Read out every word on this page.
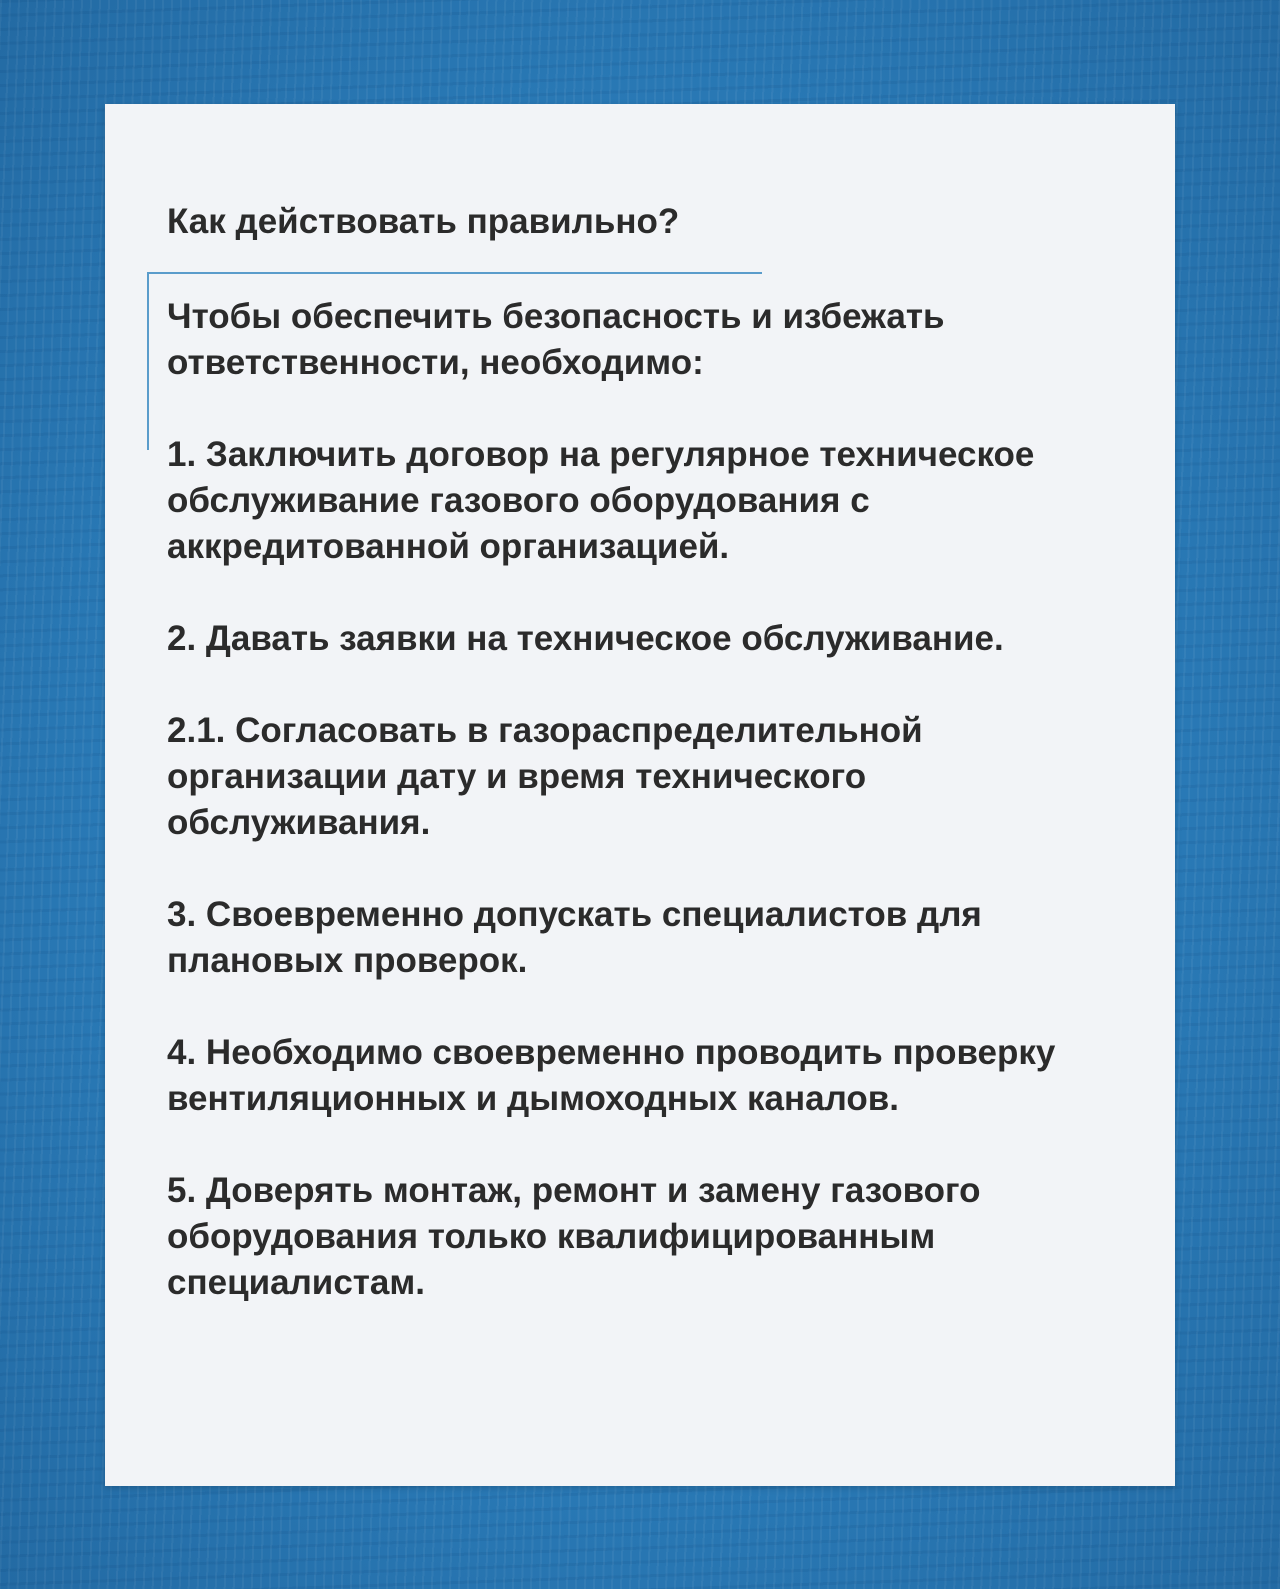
Как действовать правильно?

Чтобы обеспечить безопасность и избежать ответственности, необходимо:

1. Заключить договор на регулярное техническое обслуживание газового оборудования с аккредитованной организацией.

2. Давать заявки на техническое обслуживание.

2.1. Согласовать в газораспределительной организации дату и время технического обслуживания.

3. Своевременно допускать специалистов для плановых проверок.

4. Необходимо своевременно проводить проверку вентиляционных и дымоходных каналов.

5. Доверять монтаж, ремонт и замену газового оборудования только квалифицированным специалистам.
